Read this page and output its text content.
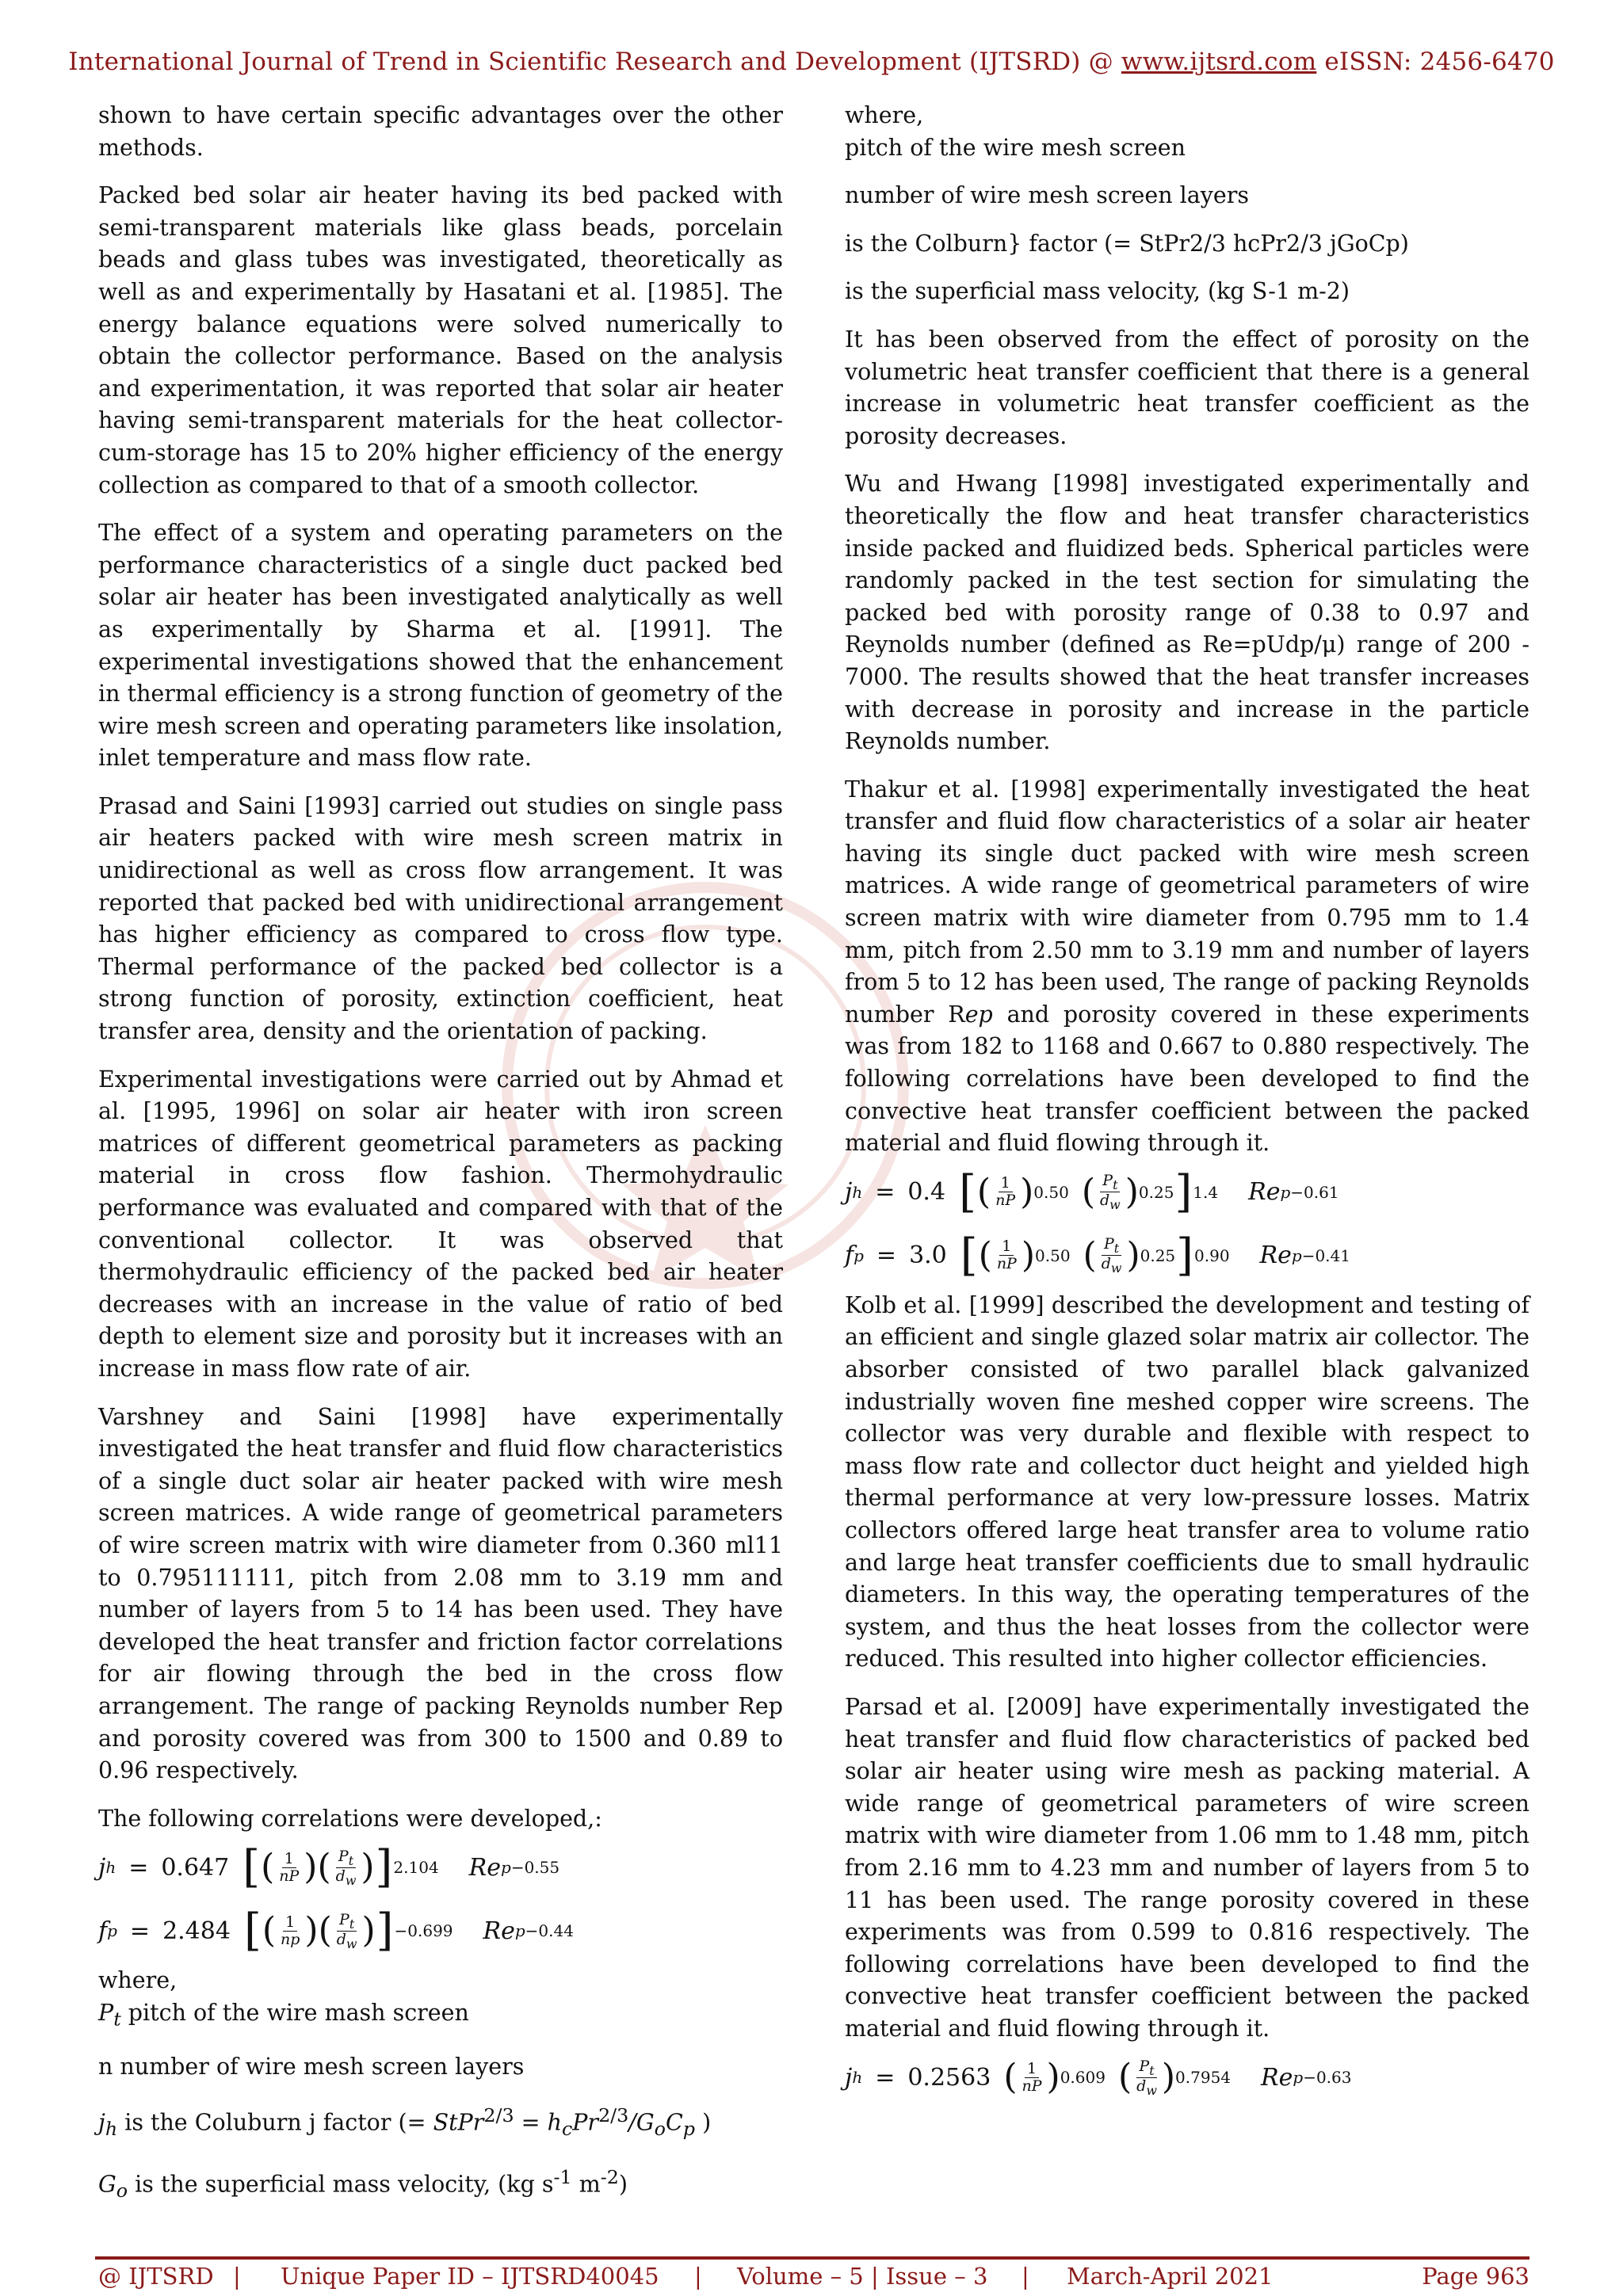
International Journal of Trend in Scientific Research and Development (IJTSRD) @ www.ijtsrd.com eISSN: 2456-6470

shown to have certain specific advantages over the other methods.

Packed bed solar air heater having its bed packed with semi-transparent materials like glass beads, porcelain beads and glass tubes was investigated, theoretically as well as and experimentally by Hasatani et al. [1985]. The energy balance equations were solved numerically to obtain the collector performance. Based on the analysis and experimentation, it was reported that solar air heater having semi-transparent materials for the heat collector-cum-storage has 15 to 20% higher efficiency of the energy collection as compared to that of a smooth collector.

The effect of a system and operating parameters on the performance characteristics of a single duct packed bed solar air heater has been investigated analytically as well as experimentally by Sharma et al. [1991]. The experimental investigations showed that the enhancement in thermal efficiency is a strong function of geometry of the wire mesh screen and operating parameters like insolation, inlet temperature and mass flow rate.

Prasad and Saini [1993] carried out studies on single pass air heaters packed with wire mesh screen matrix in unidirectional as well as cross flow arrangement. It was reported that packed bed with unidirectional arrangement has higher efficiency as compared to cross flow type. Thermal performance of the packed bed collector is a strong function of porosity, extinction coefficient, heat transfer area, density and the orientation of packing.

Experimental investigations were carried out by Ahmad et al. [1995, 1996] on solar air heater with iron screen matrices of different geometrical parameters as packing material in cross flow fashion. Thermohydraulic performance was evaluated and compared with that of the conventional collector. It was observed that thermohydraulic efficiency of the packed bed air heater decreases with an increase in the value of ratio of bed depth to element size and porosity but it increases with an increase in mass flow rate of air.

Varshney and Saini [1998] have experimentally investigated the heat transfer and fluid flow characteristics of a single duct solar air heater packed with wire mesh screen matrices. A wide range of geometrical parameters of wire screen matrix with wire diameter from 0.360 ml11 to 0.795111111, pitch from 2.08 mm to 3.19 mm and number of layers from 5 to 14 has been used. They have developed the heat transfer and friction factor correlations for air flowing through the bed in the cross flow arrangement. The range of packing Reynolds number Rep and porosity covered was from 300 to 1500 and 0.89 to 0.96 respectively.

The following correlations were developed,:

j h = 0.647 [ ( $\frac{1}{nP}$ ) ( $\frac{P_t}{d_w}$ ) ] 2.104 Re p −0.55
f p = 2.484 [ ( $\frac{1}{np}$ ) ( $\frac{P_t}{d_w}$ ) ] −0.699 Re p −0.44

where,

$P_t$ pitch of the wire mash screen

n number of wire mesh screen layers

$j_h$ is the Coluburn j factor (= StPr$^{2/3}$ = $h_cPr^{2/3}/G_oC_p$ )

$G_o$ is the superficial mass velocity, (kg $s^{-1}$ $m^{-2}$)

where,

pitch of the wire mesh screen

number of wire mesh screen layers

is the Colburn} factor (= StPr2/3 hcPr2/3 jGoCp)

is the superficial mass velocity, (kg S-1 m-2)

It has been observed from the effect of porosity on the volumetric heat transfer coefficient that there is a general increase in volumetric heat transfer coefficient as the porosity decreases.

Wu and Hwang [1998] investigated experimentally and theoretically the flow and heat transfer characteristics inside packed and fluidized beds. Spherical particles were randomly packed in the test section for simulating the packed bed with porosity range of 0.38 to 0.97 and Reynolds number (defined as Re=pUdp/μ) range of 200 - 7000. The results showed that the heat transfer increases with decrease in porosity and increase in the particle Reynolds number.

Thakur et al. [1998] experimentally investigated the heat transfer and fluid flow characteristics of a solar air heater having its single duct packed with wire mesh screen matrices. A wide range of geometrical parameters of wire screen matrix with wire diameter from 0.795 mm to 1.4 mm, pitch from 2.50 mm to 3.19 mm and number of layers from 5 to 12 has been used, The range of packing Reynolds number Rep and porosity covered in these experiments was from 182 to 1168 and 0.667 to 0.880 respectively. The following correlations have been developed to find the convective heat transfer coefficient between the packed material and fluid flowing through it.

j h = 0.4 [ ( $\frac{1}{nP}$ ) 0.50 ( $\frac{P_t}{d_w}$ ) 0.25 ] 1.4 Re p −0.61
f p = 3.0 [ ( $\frac{1}{nP}$ ) 0.50 ( $\frac{P_t}{d_w}$ ) 0.25 ] 0.90 Re p −0.41

Kolb et al. [1999] described the development and testing of an efficient and single glazed solar matrix air collector. The absorber consisted of two parallel black galvanized industrially woven fine meshed copper wire screens. The collector was very durable and flexible with respect to mass flow rate and collector duct height and yielded high thermal performance at very low-pressure losses. Matrix collectors offered large heat transfer area to volume ratio and large heat transfer coefficients due to small hydraulic diameters. In this way, the operating temperatures of the system, and thus the heat losses from the collector were reduced. This resulted into higher collector efficiencies.

Parsad et al. [2009] have experimentally investigated the heat transfer and fluid flow characteristics of packed bed solar air heater using wire mesh as packing material. A wide range of geometrical parameters of wire screen matrix with wire diameter from 1.06 mm to 1.48 mm, pitch from 2.16 mm to 4.23 mm and number of layers from 5 to 11 has been used. The range porosity covered in these experiments was from 0.599 to 0.816 respectively. The following correlations have been developed to find the convective heat transfer coefficient between the packed material and fluid flowing through it.

j h = 0.2563 ( $\frac{1}{nP}$ ) 0.609 ( $\frac{P_t}{d_w}$ ) 0.7954 Re p −0.63
@ IJTSRD | Unique Paper ID – IJTSRD40045 | Volume – 5 | Issue – 3 | March-April 2021	Page 963
